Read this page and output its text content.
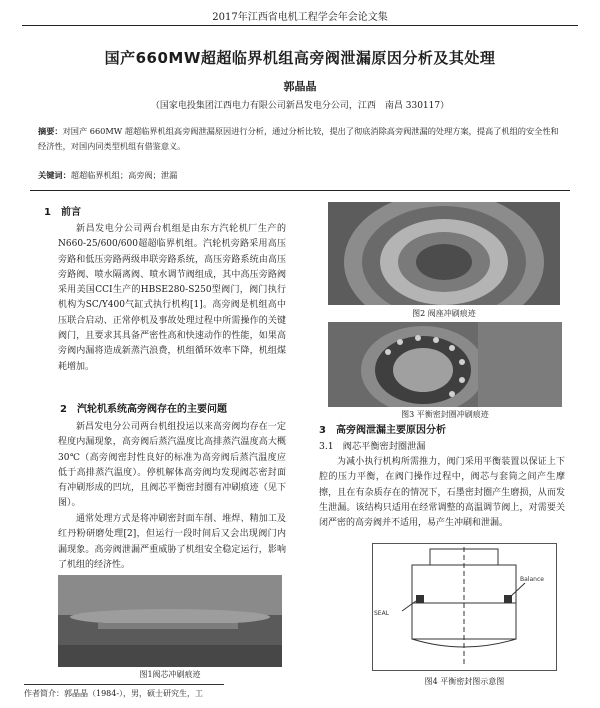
2017年江西省电机工程学会年会论文集
国产660MW超超临界机组高旁阀泄漏原因分析及其处理
郭晶晶
（国家电投集团江西电力有限公司新昌发电分公司，江西　南昌 330117）
摘要：对国产 660MW 超超临界机组高旁阀泄漏原因进行分析，通过分析比较，提出了彻底消除高旁阀泄漏的处理方案，提高了机组的安全性和经济性，对国内同类型机组有借鉴意义。
关键词：超超临界机组；高旁阀；泄漏
1　前言
新昌发电分公司两台机组是由东方汽轮机厂生产的N660-25/600/600超超临界机组。汽轮机旁路采用高压旁路和低压旁路两级串联旁路系统，高压旁路系统由高压旁路阀、喷水隔离阀、喷水调节阀组成，其中高压旁路阀采用美国CCI生产的HBSE280-S250型阀门，阀门执行机构为SC/Y400气缸式执行机构[1]。高旁阀是机组高中压联合启动、正常停机及事故处理过程中所需操作的关键阀门，且要求其具备严密性高和快速动作的性能，如果高旁阀内漏将造成新蒸汽浪费，机组循环效率下降，机组煤耗增加。
2　汽轮机系统高旁阀存在的主要问题
新昌发电分公司两台机组投运以来高旁阀均存在一定程度内漏现象，高旁阀后蒸汽温度比高排蒸汽温度高大概30℃（高旁阀密封性良好的标准为高旁阀后蒸汽温度应低于高排蒸汽温度）。停机解体高旁阀均发现阀芯密封面有冲刷形成的凹坑，且阀芯平衡密封圈有冲刷痕迹（见下图）。
通常处理方式是将冲刷密封面车削、堆焊、精加工及红丹粉研磨处理[2]，但运行一段时间后又会出现阀门内漏现象。高旁阀泄漏严重威胁了机组安全稳定运行，影响了机组的经济性。
图1阀芯冲刷痕迹
作者简介：郭晶晶（1984-），男，硕士研究生，工
图2 阀座冲刷痕迹
图3 平衡密封圈冲刷痕迹
3　高旁阀泄漏主要原因分析
3.1　阀芯平衡密封圈泄漏
为减小执行机构所需推力，阀门采用平衡装置以保证上下腔的压力平衡，在阀门操作过程中，阀芯与套筒之间产生摩擦，且在有杂质存在的情况下，石墨密封圈产生磨损，从而发生泄漏。该结构只适用在经常调整的高温调节阀上，对需要关闭严密的高旁阀并不适用，易产生冲刷和泄漏。
SEAL
Balance
图4 平衡密封图示意图
